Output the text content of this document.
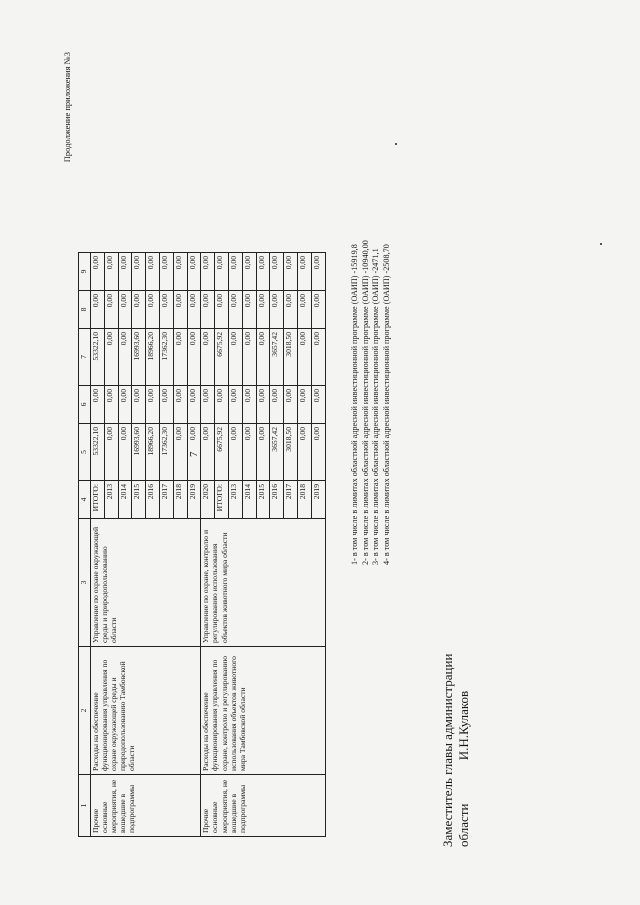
7
Продолжение приложения №3
1	2	3	4	5	6	7	8	9
Прочие основные мероприятия, не вошедшие в подпрограммы	Расходы на обеспечение функционирования управления по охране окружающей среды и природопользованию Тамбовской области	Управление по охране окружающей среды и природопользованию области	ИТОГО:	53322,10	0,00	53322,10	0,00	0,00
			2013	0,00	0,00	0,00	0,00	0,00
			2014	0,00	0,00	0,00	0,00	0,00
			2015	16993,60	0,00	16993,60	0,00	0,00
			2016	18966,20	0,00	18966,20	0,00	0,00
			2017	17362,30	0,00	17362,30	0,00	0,00
			2018	0,00	0,00	0,00	0,00	0,00
			2019	0,00	0,00	0,00	0,00	0,00
Прочие основные мероприятия, не вошедшие в подпрограммы	Расходы на обеспечение функционирования управления по охране, контролю и регулированию использования объектов животного мира Тамбовской области	Управление по охране, контролю и регулированию использования объектов животного мира области	2020	0,00	0,00	0,00	0,00	0,00
			ИТОГО:	6675,92	0,00	6675,92	0,00	0,00
			2013	0,00	0,00	0,00	0,00	0,00
			2014	0,00	0,00	0,00	0,00	0,00
			2015	0,00	0,00	0,00	0,00	0,00
			2016	3657,42	0,00	3657,42	0,00	0,00
			2017	3018,50	0,00	3018,50	0,00	0,00
			2018	0,00	0,00	0,00	0,00	0,00
			2019	0,00	0,00	0,00	0,00	0,00	1- в том числе в лимитах областной адресной инвестиционной программе (ОАИП) -15919,8 2- в том числе в лимитах областной адресной инвестиционной программе (ОАИП) -10940,00 3- в том числе в лимитах областной адресной инвестиционной программе (ОАИП) -2471,1 4- в том числе в лимитах областной адресной инвестиционной программе (ОАИП) -2508,70
Заместитель главы администрации области И.Н.Кулаков
